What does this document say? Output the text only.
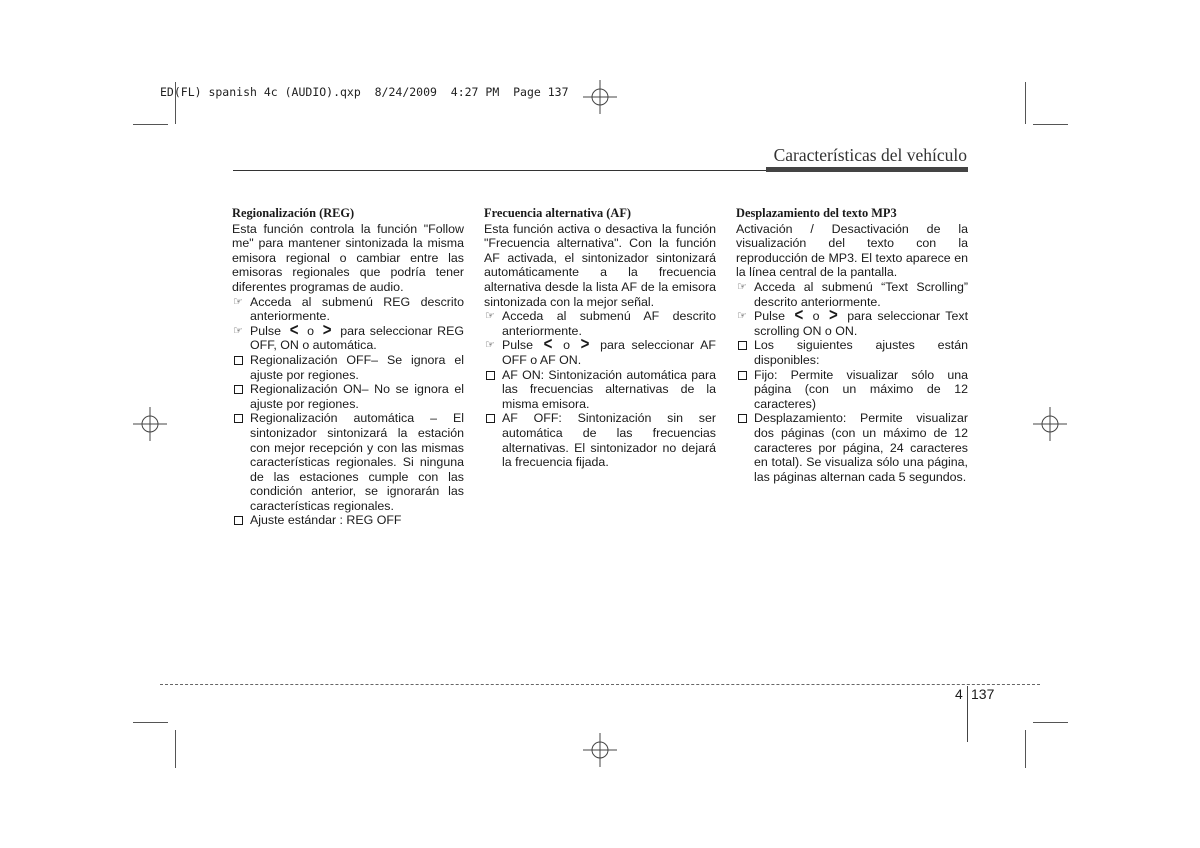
ED(FL) spanish 4c (AUDIO).qxp  8/24/2009  4:27 PM  Page 137
Características del vehículo
Regionalización (REG)

Esta función controla la función "Follow me" para mantener sintonizada la misma emisora regional o cambiar entre las emisoras regionales que podría tener diferentes programas de audio.

☞ Acceda al submenú REG descrito anteriormente.
☞ Pulse < o > para seleccionar REG OFF, ON o automática.
Regionalización OFF– Se ignora el ajuste por regiones.
Regionalización ON– No se ignora el ajuste por regiones.
Regionalización automática – El sintonizador sintonizará la estación con mejor recepción y con las mismas características regionales. Si ninguna de las estaciones cumple con las condición anterior, se ignorarán las características regionales.
Ajuste estándar : REG OFF
Frecuencia alternativa (AF)

Esta función activa o desactiva la función "Frecuencia alternativa". Con la función AF activada, el sintonizador sintonizará automáticamente a la frecuencia alternativa desde la lista AF de la emisora sintonizada con la mejor señal.

☞ Acceda al submenú AF descrito anteriormente.
☞ Pulse < o > para seleccionar AF OFF o AF ON.
AF ON: Sintonización automática para las frecuencias alternativas de la misma emisora.
AF OFF: Sintonización sin ser automática de las frecuencias alternativas. El sintonizador no dejará la frecuencia fijada.
Desplazamiento del texto MP3

Activación / Desactivación de la visualización del texto con la reproducción de MP3. El texto aparece en la línea central de la pantalla.

☞ Acceda al submenú “Text Scrolling” descrito anteriormente.
☞ Pulse < o > para seleccionar Text scrolling ON o ON.
Los siguientes ajustes están disponibles:
Fijo: Permite visualizar sólo una página (con un máximo de 12 caracteres)
Desplazamiento: Permite visualizar dos páginas (con un máximo de 12 caracteres por página, 24 caracteres en total). Se visualiza sólo una página, las páginas alternan cada 5 segundos.
4 137
